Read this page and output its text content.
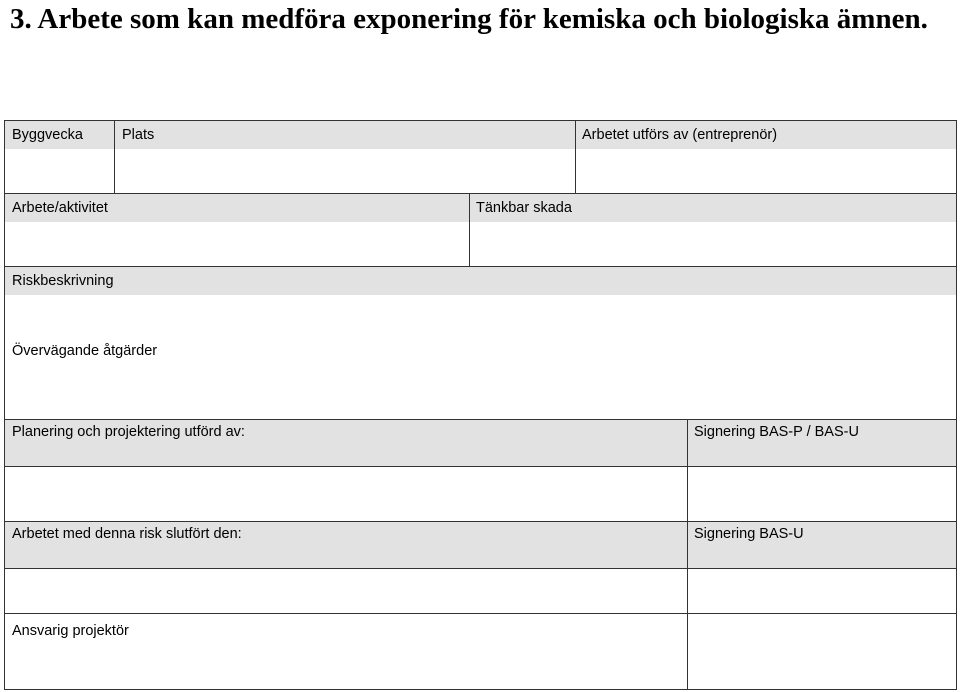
3. Arbete som kan medföra exponering för kemiska och biologiska ämnen.
Byggvecka	Plats	Arbetet utförs av (entreprenör)
Arbete/aktivitet	Tänkbar skada
Riskbeskrivning
Övervägande åtgärder
Planering och projektering utförd av:	Signering BAS-P / BAS-U
Arbetet med denna risk slutfört den:	Signering BAS-U
Ansvarig projektör
